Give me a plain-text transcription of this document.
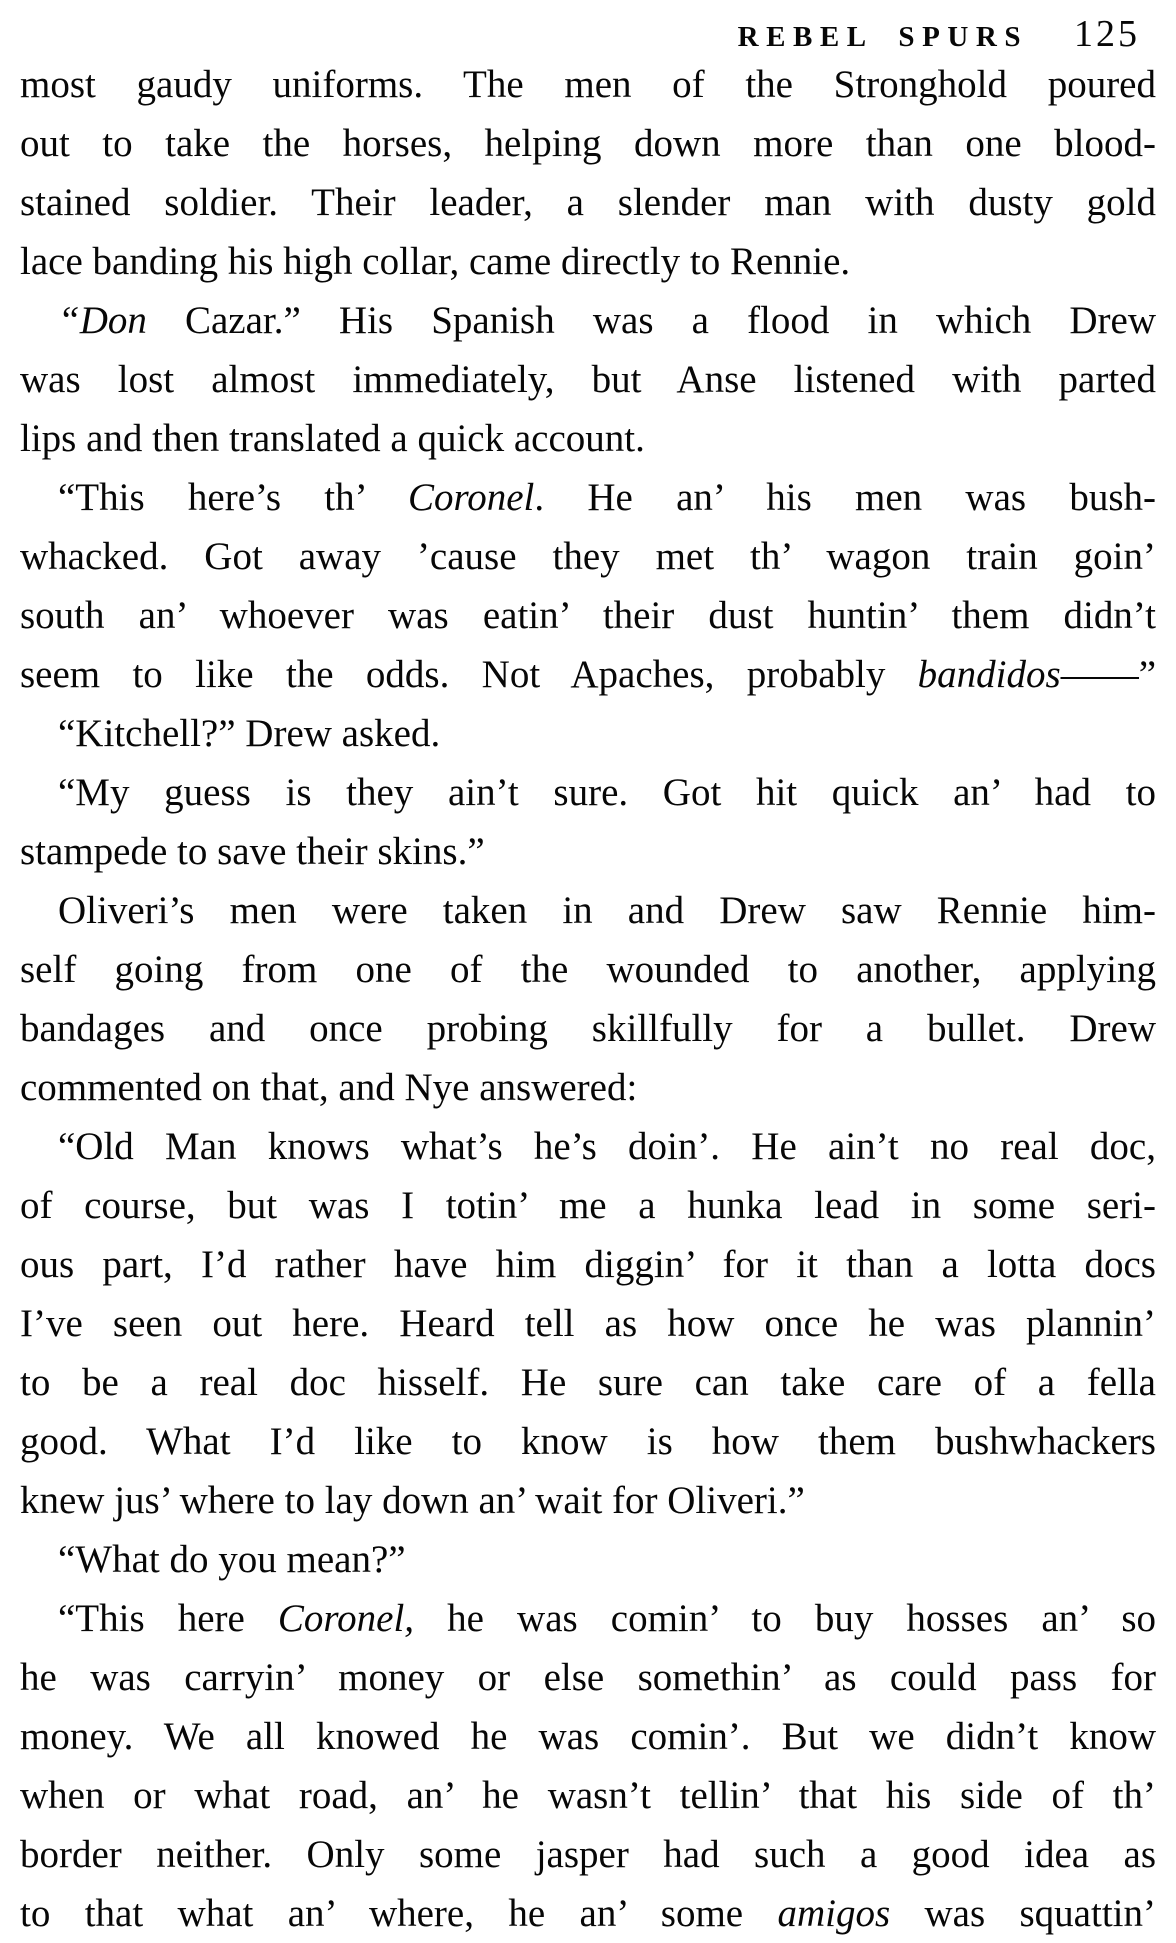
REBEL SPURS 125
most gaudy uniforms. The men of the Stronghold poured
out to take the horses, helping down more than one blood-
stained soldier. Their leader, a slender man with dusty gold
lace banding his high collar, came directly to Rennie.
“Don Cazar.” His Spanish was a flood in which Drew
was lost almost immediately, but Anse listened with parted
lips and then translated a quick account.
“This here’s th’ Coronel. He an’ his men was bush-
whacked. Got away ’cause they met th’ wagon train goin’
south an’ whoever was eatin’ their dust huntin’ them didn’t
seem to like the odds. Not Apaches, probably bandidos——”
“Kitchell?” Drew asked.
“My guess is they ain’t sure. Got hit quick an’ had to
stampede to save their skins.”
Oliveri’s men were taken in and Drew saw Rennie him-
self going from one of the wounded to another, applying
bandages and once probing skillfully for a bullet. Drew
commented on that, and Nye answered:
“Old Man knows what’s he’s doin’. He ain’t no real doc,
of course, but was I totin’ me a hunka lead in some seri-
ous part, I’d rather have him diggin’ for it than a lotta docs
I’ve seen out here. Heard tell as how once he was plannin’
to be a real doc hisself. He sure can take care of a fella
good. What I’d like to know is how them bushwhackers
knew jus’ where to lay down an’ wait for Oliveri.”
“What do you mean?”
“This here Coronel, he was comin’ to buy hosses an’ so
he was carryin’ money or else somethin’ as could pass for
money. We all knowed he was comin’. But we didn’t know
when or what road, an’ he wasn’t tellin’ that his side of th’
border neither. Only some jasper had such a good idea as
to that what an’ where, he an’ some amigos was squattin’
